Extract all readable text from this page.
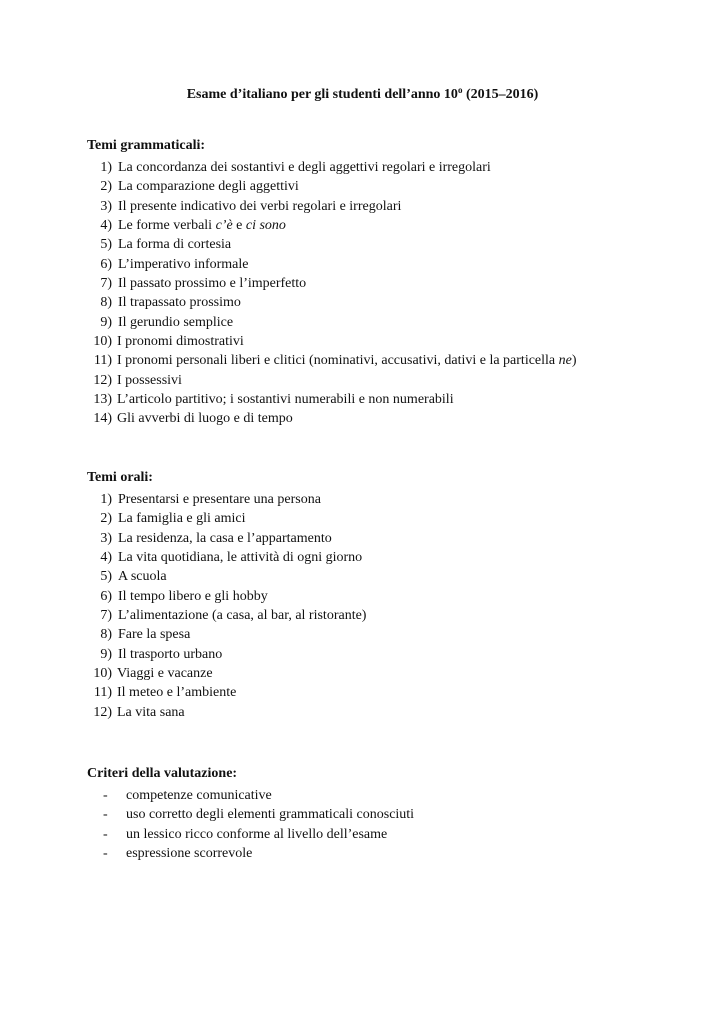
Esame d’italiano per gli studenti dell’anno 10$^o$ (2015–2016)
Temi grammaticali:
1) La concordanza dei sostantivi e degli aggettivi regolari e irregolari
2) La comparazione degli aggettivi
3) Il presente indicativo dei verbi regolari e irregolari
4) Le forme verbali c’è e ci sono
5) La forma di cortesia
6) L’imperativo informale
7) Il passato prossimo e l’imperfetto
8) Il trapassato prossimo
9) Il gerundio semplice
10) I pronomi dimostrativi
11) I pronomi personali liberi e clitici (nominativi, accusativi, dativi e la particella ne)
12) I possessivi
13) L’articolo partitivo; i sostantivi numerabili e non numerabili
14) Gli avverbi di luogo e di tempo
Temi orali:
1) Presentarsi e presentare una persona
2) La famiglia e gli amici
3) La residenza, la casa e l’appartamento
4) La vita quotidiana, le attività di ogni giorno
5) A scuola
6) Il tempo libero e gli hobby
7) L’alimentazione (a casa, al bar, al ristorante)
8) Fare la spesa
9) Il trasporto urbano
10) Viaggi e vacanze
11) Il meteo e l’ambiente
12) La vita sana
Criteri della valutazione:
-	competenze comunicative
-	uso corretto degli elementi grammaticali conosciuti
-	un lessico ricco conforme al livello dell’esame
-	espressione scorrevole
